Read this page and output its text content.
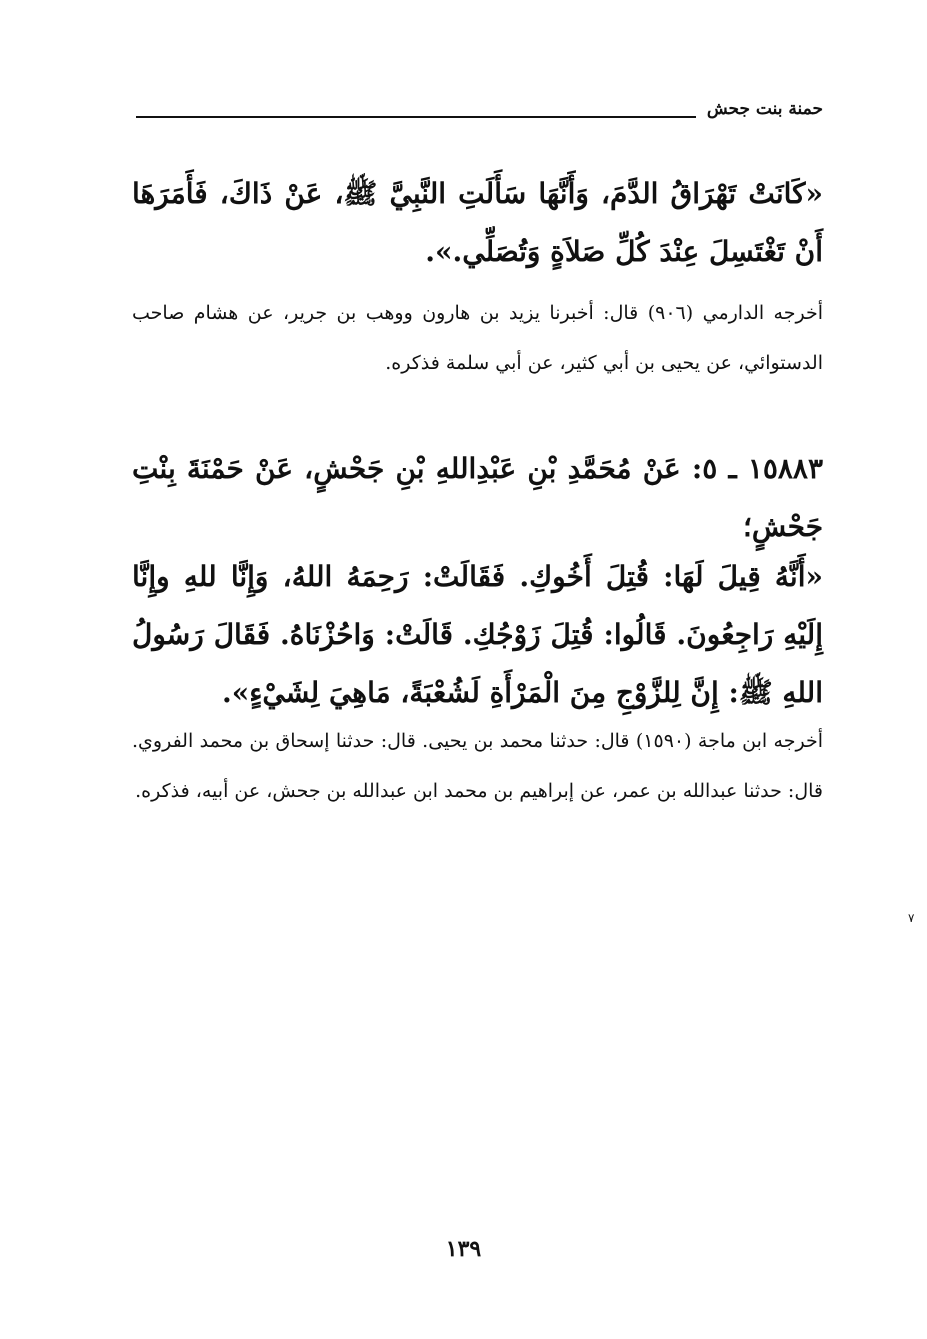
حمنة بنت جحش
«كَانَتْ تَهْرَاقُ الدَّمَ، وَأَنَّهَا سَأَلَتِ النَّبِيَّ ﷺ، عَنْ ذَاكَ، فَأَمَرَهَا أَنْ تَغْتَسِلَ عِنْدَ كُلِّ صَلاَةٍ وَتُصَلِّي.».
أخرجه الدارمي (٩٠٦) قال: أخبرنا يزيد بن هارون ووهب بن جرير، عن هشام صاحب الدستوائي، عن يحيى بن أبي كثير، عن أبي سلمة فذكره.
١٥٨٨٣ ـ ٥: عَنْ مُحَمَّدِ بْنِ عَبْدِاللهِ بْنِ جَحْشٍ، عَنْ حَمْنَةَ بِنْتِ جَحْشٍ؛
«أَنَّهُ قِيلَ لَهَا: قُتِلَ أَخُوكِ. فَقَالَتْ: رَحِمَهُ اللهُ، وَإِنَّا للهِ وإِنَّا إِلَيْهِ رَاجِعُونَ. قَالُوا: قُتِلَ زَوْجُكِ. قَالَتْ: وَاحُزْنَاهُ. فَقَالَ رَسُولُ اللهِ ﷺ: إِنَّ لِلزَّوْجِ مِنَ الْمَرْأَةِ لَشُعْبَةً، مَاهِيَ لِشَيْءٍ».
أخرجه ابن ماجة (١٥٩٠) قال: حدثنا محمد بن يحيى. قال: حدثنا إسحاق بن محمد الفروي. قال: حدثنا عبدالله بن عمر، عن إبراهيم بن محمد ابن عبدالله بن جحش، عن أبيه، فذكره.
٧
١٣٩
